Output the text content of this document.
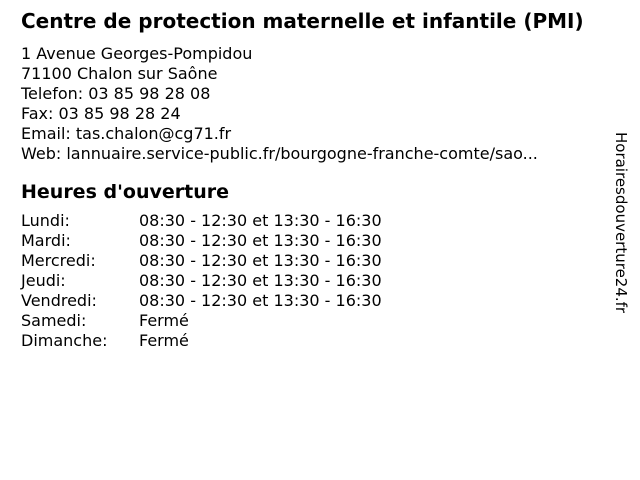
Centre de protection maternelle et infantile (PMI)
1 Avenue Georges-Pompidou
71100 Chalon sur Saône
Telefon: 03 85 98 28 08
Fax: 03 85 98 28 24
Email: tas.chalon@cg71.fr
Web: lannuaire.service-public.fr/bourgogne-franche-comte/sao...
Heures d'ouverture
Lundi:	08:30 - 12:30 et 13:30 - 16:30
Mardi:	08:30 - 12:30 et 13:30 - 16:30
Mercredi:	08:30 - 12:30 et 13:30 - 16:30
Jeudi:	08:30 - 12:30 et 13:30 - 16:30
Vendredi:	08:30 - 12:30 et 13:30 - 16:30
Samedi:	Fermé
Dimanche:	Fermé
Horairesdouverture24.fr
